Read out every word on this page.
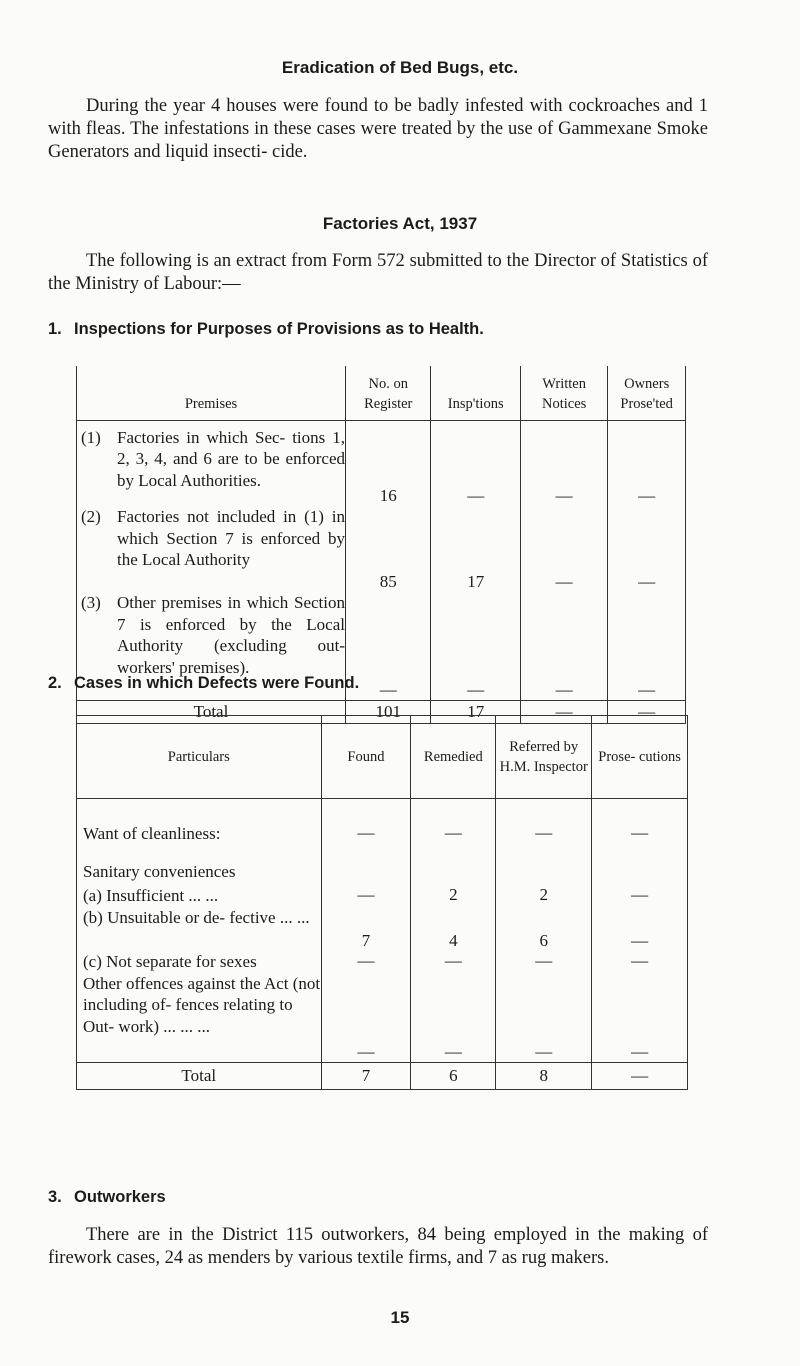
Eradication of Bed Bugs, etc.
During the year 4 houses were found to be badly infested with cockroaches and 1 with fleas. The infestations in these cases were treated by the use of Gammexane Smoke Generators and liquid insecti- cide.
Factories Act, 1937
The following is an extract from Form 572 submitted to the Director of Statistics of the Ministry of Labour:—
1. Inspections for Purposes of Provisions as to Health.
Premises	No. on Register	Insp'tions	Written Notices	Owners Prose'ted

(1) Factories in which Sec- tions 1, 2, 3, 4, and 6 are to be enforced by Local Authorities.	16	—	—	—

(2) Factories not included in (1) in which Section 7 is enforced by the Local Authority	85	17	—	—

(3) Other premises in which Section 7 is enforced by the Local Authority (excluding out-workers' premises).	—	—	—	—
Total	101	17	—	—
2. Cases in which Defects were Found.
Particulars	Found	Remedied	Referred by H.M. Inspector	Prose- cutions
Want of cleanliness:	—	—	—	—
Sanitary conveniences				
(a) Insufficient ... ...	—	2	2	—
(b) Unsuitable or de- fective ... ...	7	4	6	—
(c) Not separate for sexes	—	—	—	—
Other offences against the Act (not including of- fences relating to Out- work) ... ... ...	—	—	—	—
Total	7	6	8	—
3. Outworkers
There are in the District 115 outworkers, 84 being employed in the making of firework cases, 24 as menders by various textile firms, and 7 as rug makers.
15
